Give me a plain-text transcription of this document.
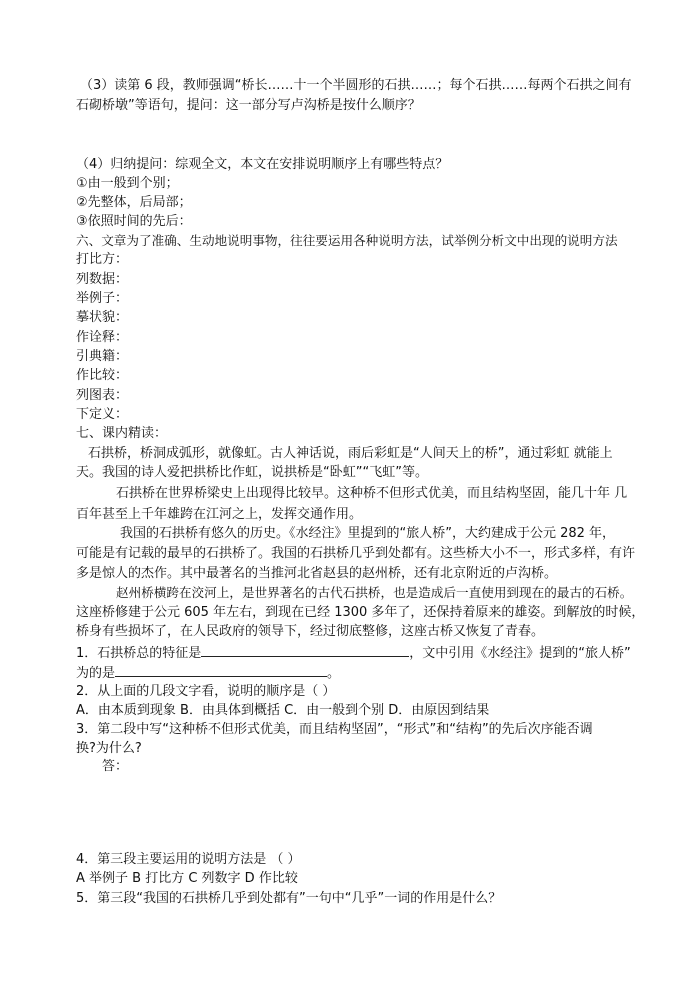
（3）读第 6 段，教师强调“桥长……十一个半圆形的石拱……；每个石拱……每两个石拱之间有
石砌桥墩”等语句，提问：这一部分写卢沟桥是按什么顺序？
（4）归纳提问：综观全文，本文在安排说明顺序上有哪些特点？
①由一般到个别；
②先整体，后局部；
③依照时间的先后：
六、文章为了准确、生动地说明事物，往往要运用各种说明方法，试举例分析文中出现的说明方法
打比方：
列数据：
举例子：
摹状貌：
作诠释：
引典籍：
作比较：
列图表：
下定义：
七、课内精读：
石拱桥，桥洞成弧形，就像虹。古人神话说，雨后彩虹是“人间天上的桥”，通过彩虹 就能上
天。我国的诗人爱把拱桥比作虹，说拱桥是“卧虹”“飞虹”等。
石拱桥在世界桥梁史上出现得比较早。这种桥不但形式优美，而且结构坚固，能几十年 几
百年甚至上千年雄跨在江河之上，发挥交通作用。
我国的石拱桥有悠久的历史。《水经注》里提到的“旅人桥”，大约建成于公元 282 年，
可能是有记载的最早的石拱桥了。我国的石拱桥几乎到处都有。这些桥大小不一，形式多样，有许
多是惊人的杰作。其中最著名的当推河北省赵县的赵州桥，还有北京附近的卢沟桥。
赵州桥横跨在洨河上，是世界著名的古代石拱桥，也是造成后一直使用到现在的最古的石桥。
这座桥修建于公元 605 年左右，到现在已经 1300 多年了，还保持着原来的雄姿。到解放的时候，
桥身有些损坏了，在人民政府的领导下，经过彻底整修，这座古桥又恢复了青春。
1．石拱桥总的特征是	，文中引用《水经注》提到的“旅人桥”
为的是	。
2．从上面的几段文字看，说明的顺序是（ ）
A．由本质到现象 B．由具体到概括 C．由一般到个别 D．由原因到结果
3．第二段中写“这种桥不但形式优美，而且结构坚固”，“形式”和“结构”的先后次序能否调
换?为什么?
答：
4．第三段主要运用的说明方法是 （ ）
A 举例子 B 打比方 C 列数字 D 作比较
5．第三段“我国的石拱桥几乎到处都有”一句中“几乎”一词的作用是什么？
